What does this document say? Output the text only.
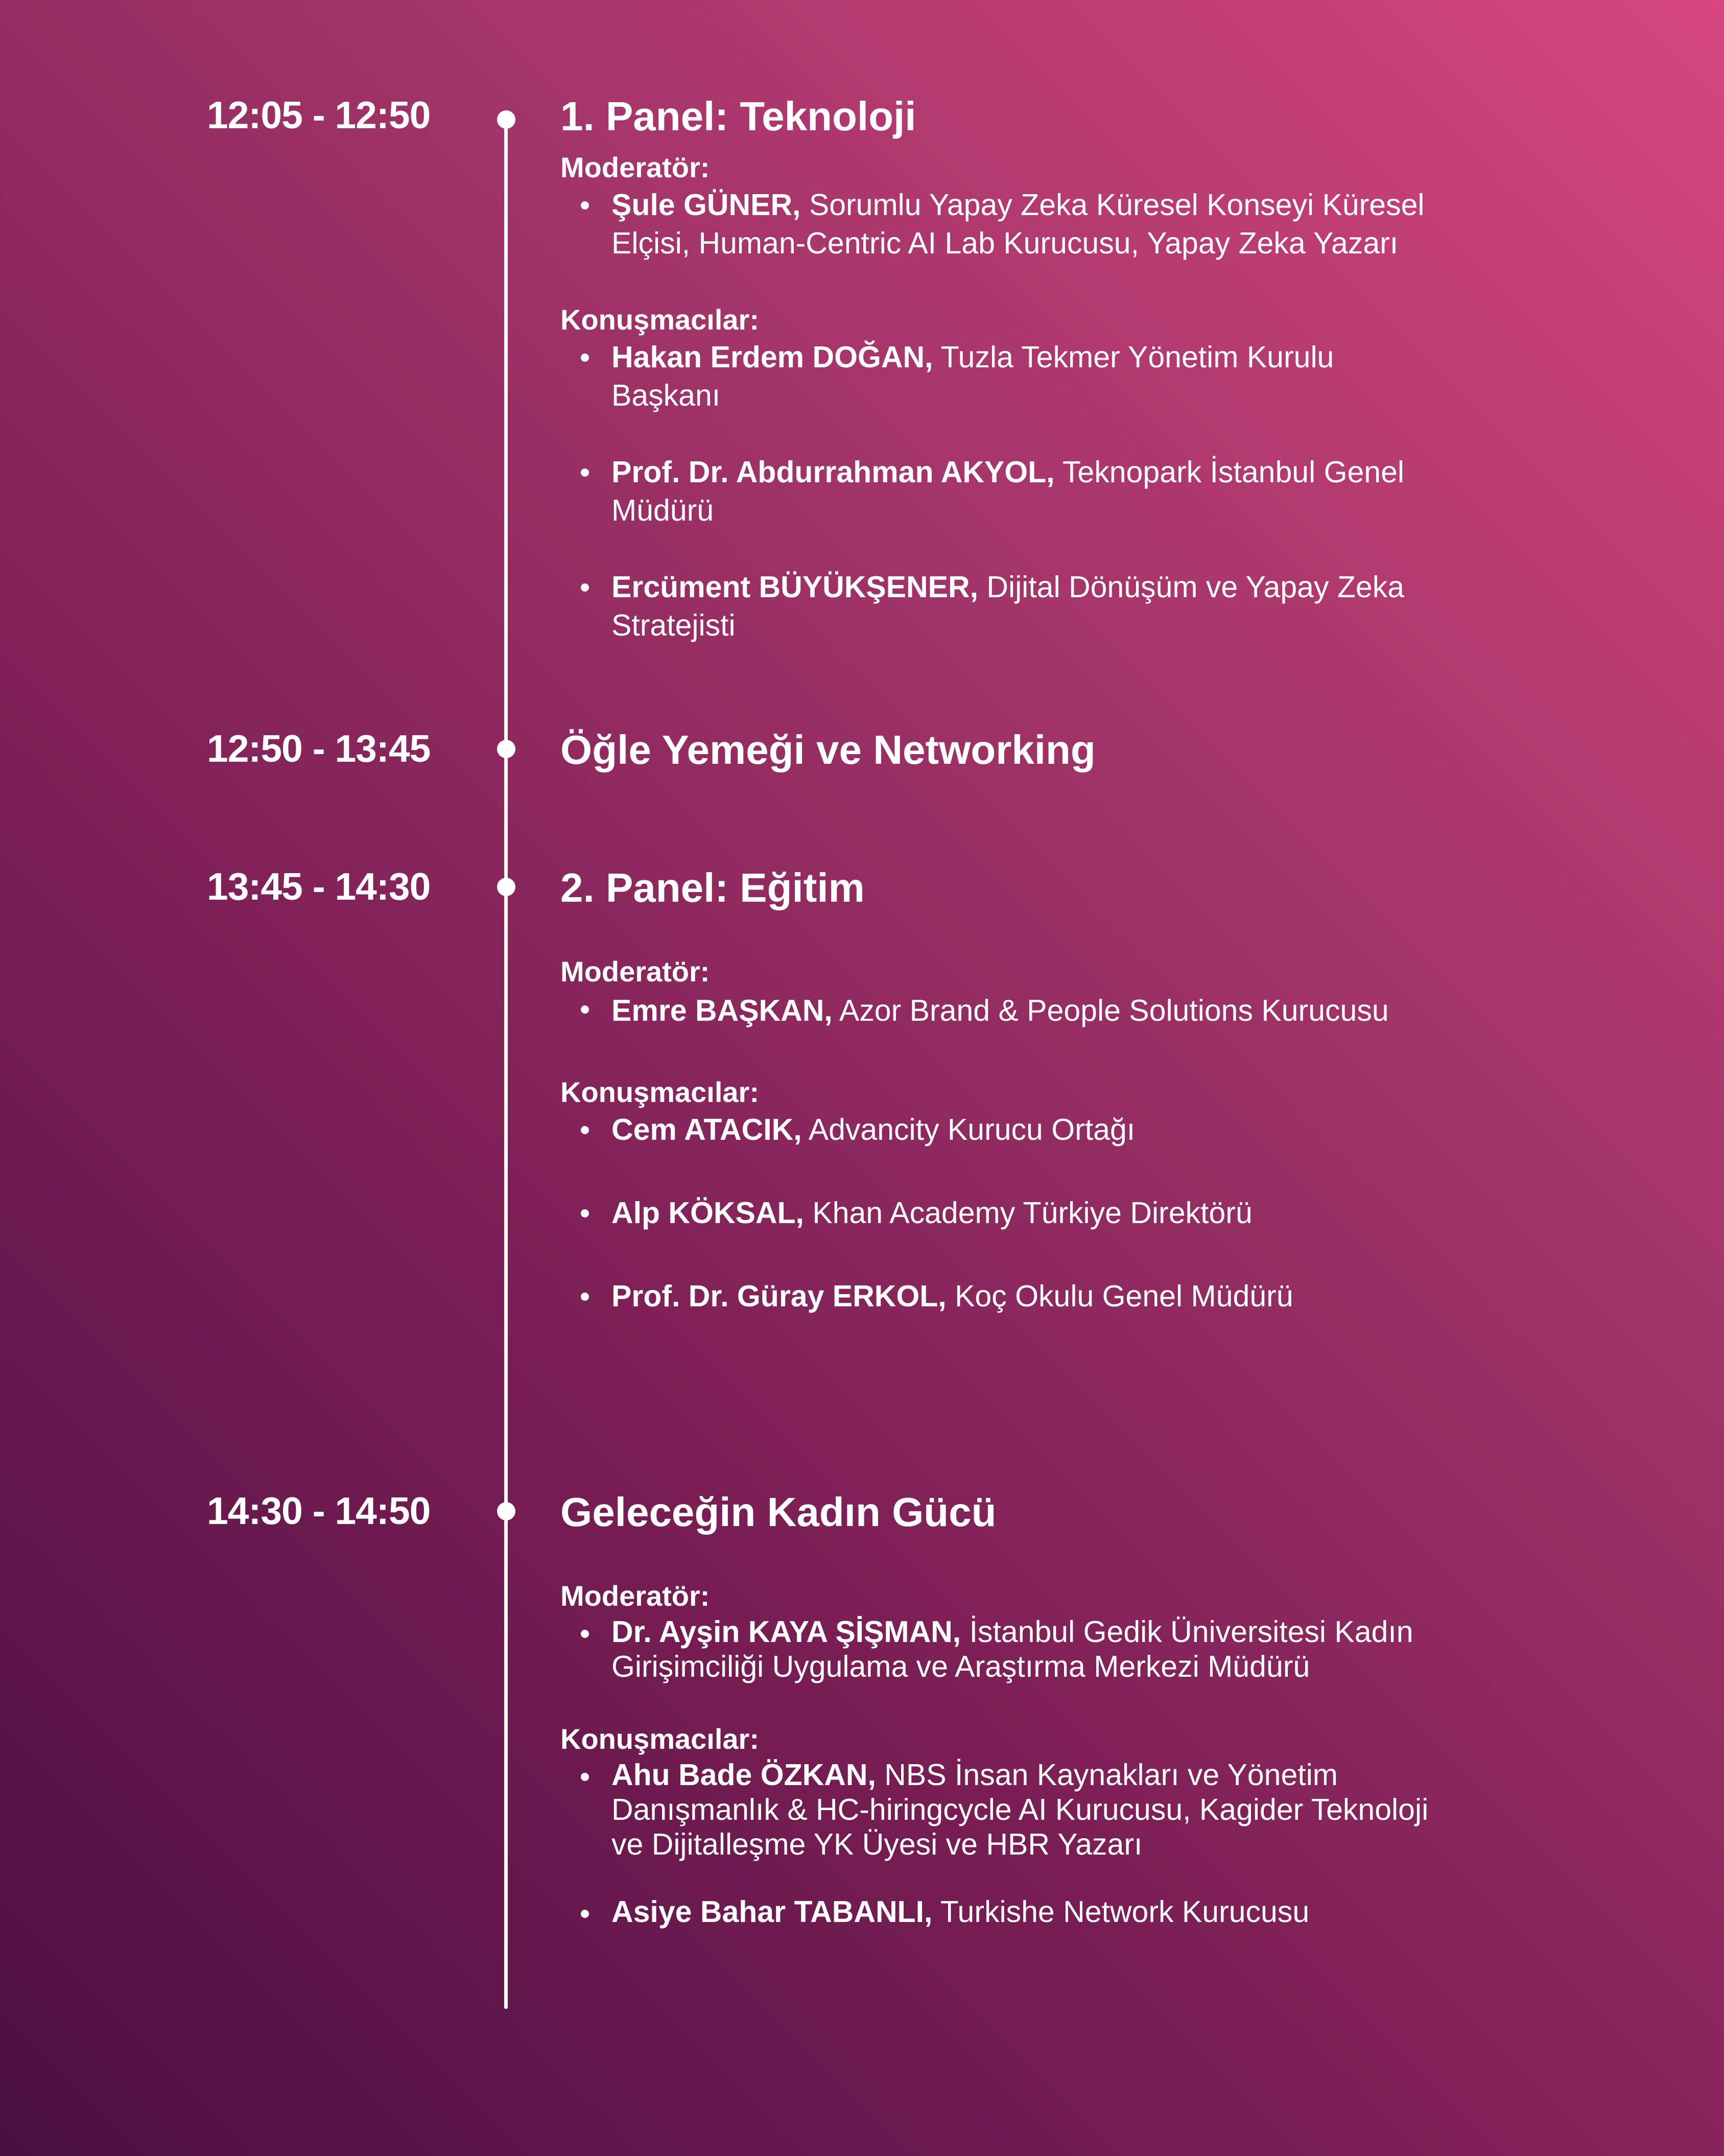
12:05 - 12:50	1. Panel: Teknoloji
Moderatör:
Şule GÜNER, Sorumlu Yapay Zeka Küresel Konseyi Küresel Elçisi, Human-Centric AI Lab Kurucusu, Yapay Zeka Yazarı
Konuşmacılar:
Hakan Erdem DOĞAN, Tuzla Tekmer Yönetim Kurulu Başkanı
Prof. Dr. Abdurrahman AKYOL, Teknopark İstanbul Genel Müdürü
Ercüment BÜYÜKŞENER, Dijital Dönüşüm ve Yapay Zeka Stratejisti
12:50 - 13:45	Öğle Yemeği ve Networking
13:45 - 14:30	2. Panel: Eğitim
Moderatör:
Emre BAŞKAN, Azor Brand & People Solutions Kurucusu
Konuşmacılar:
Cem ATACIK, Advancity Kurucu Ortağı
Alp KÖKSAL, Khan Academy Türkiye Direktörü
Prof. Dr. Güray ERKOL, Koç Okulu Genel Müdürü
14:30 - 14:50	Geleceğin Kadın Gücü
Moderatör:
Dr. Ayşin KAYA ŞİŞMAN, İstanbul Gedik Üniversitesi Kadın Girişimciliği Uygulama ve Araştırma Merkezi Müdürü
Konuşmacılar:
Ahu Bade ÖZKAN, NBS İnsan Kaynakları ve Yönetim Danışmanlık & HC-hiringcycle AI Kurucusu, Kagider Teknoloji ve Dijitalleşme YK Üyesi ve HBR Yazarı
Asiye Bahar TABANLI, Turkishe Network Kurucusu
